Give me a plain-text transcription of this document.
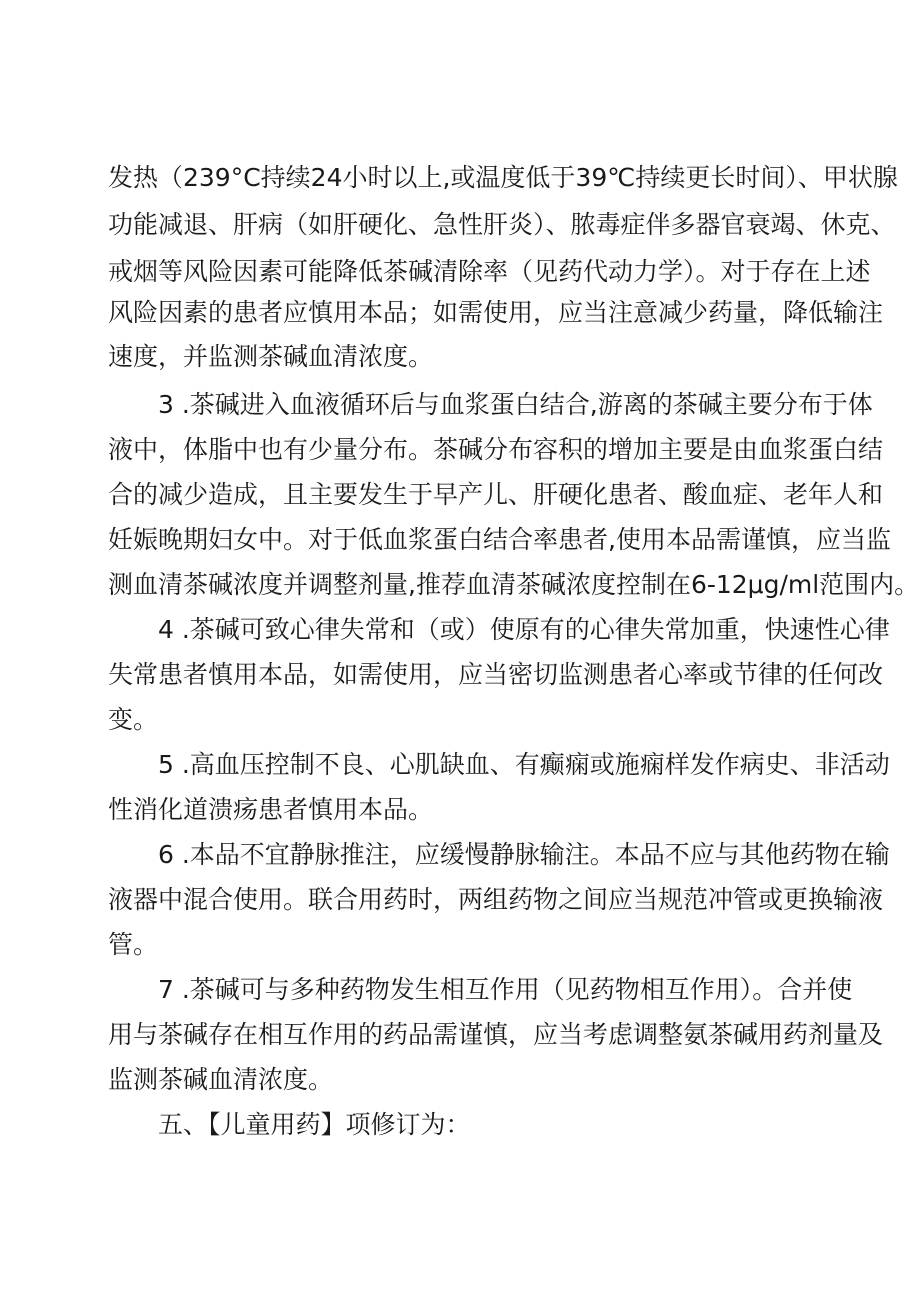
发热（239°C持续24小时以上,或温度低于39℃持续更长时间）、甲状腺
功能减退、肝病（如肝硬化、急性肝炎）、脓毒症伴多器官衰竭、休克、
戒烟等风险因素可能降低茶碱清除率（见药代动力学）。对于存在上述
风险因素的患者应慎用本品；如需使用，应当注意减少药量，降低输注
速度，并监测茶碱血清浓度。
3 .茶碱进入血液循环后与血浆蛋白结合,游离的茶碱主要分布于体
液中，体脂中也有少量分布。茶碱分布容积的增加主要是由血浆蛋白结
合的减少造成，且主要发生于早产儿、肝硬化患者、酸血症、老年人和
妊娠晚期妇女中。对于低血浆蛋白结合率患者,使用本品需谨慎，应当监
测血清茶碱浓度并调整剂量,推荐血清茶碱浓度控制在6-12μg∕ml范围内。
4 .茶碱可致心律失常和（或）使原有的心律失常加重，快速性心律
失常患者慎用本品，如需使用，应当密切监测患者心率或节律的任何改
变。
5 .高血压控制不良、心肌缺血、有癫痫或施痫样发作病史、非活动
性消化道溃疡患者慎用本品。
6 .本品不宜静脉推注，应缓慢静脉输注。本品不应与其他药物在输
液器中混合使用。联合用药时，两组药物之间应当规范冲管或更换输液
管。
7 .茶碱可与多种药物发生相互作用（见药物相互作用）。合并使
用与茶碱存在相互作用的药品需谨慎，应当考虑调整氨茶碱用药剂量及
监测茶碱血清浓度。
五、【儿童用药】项修订为：
